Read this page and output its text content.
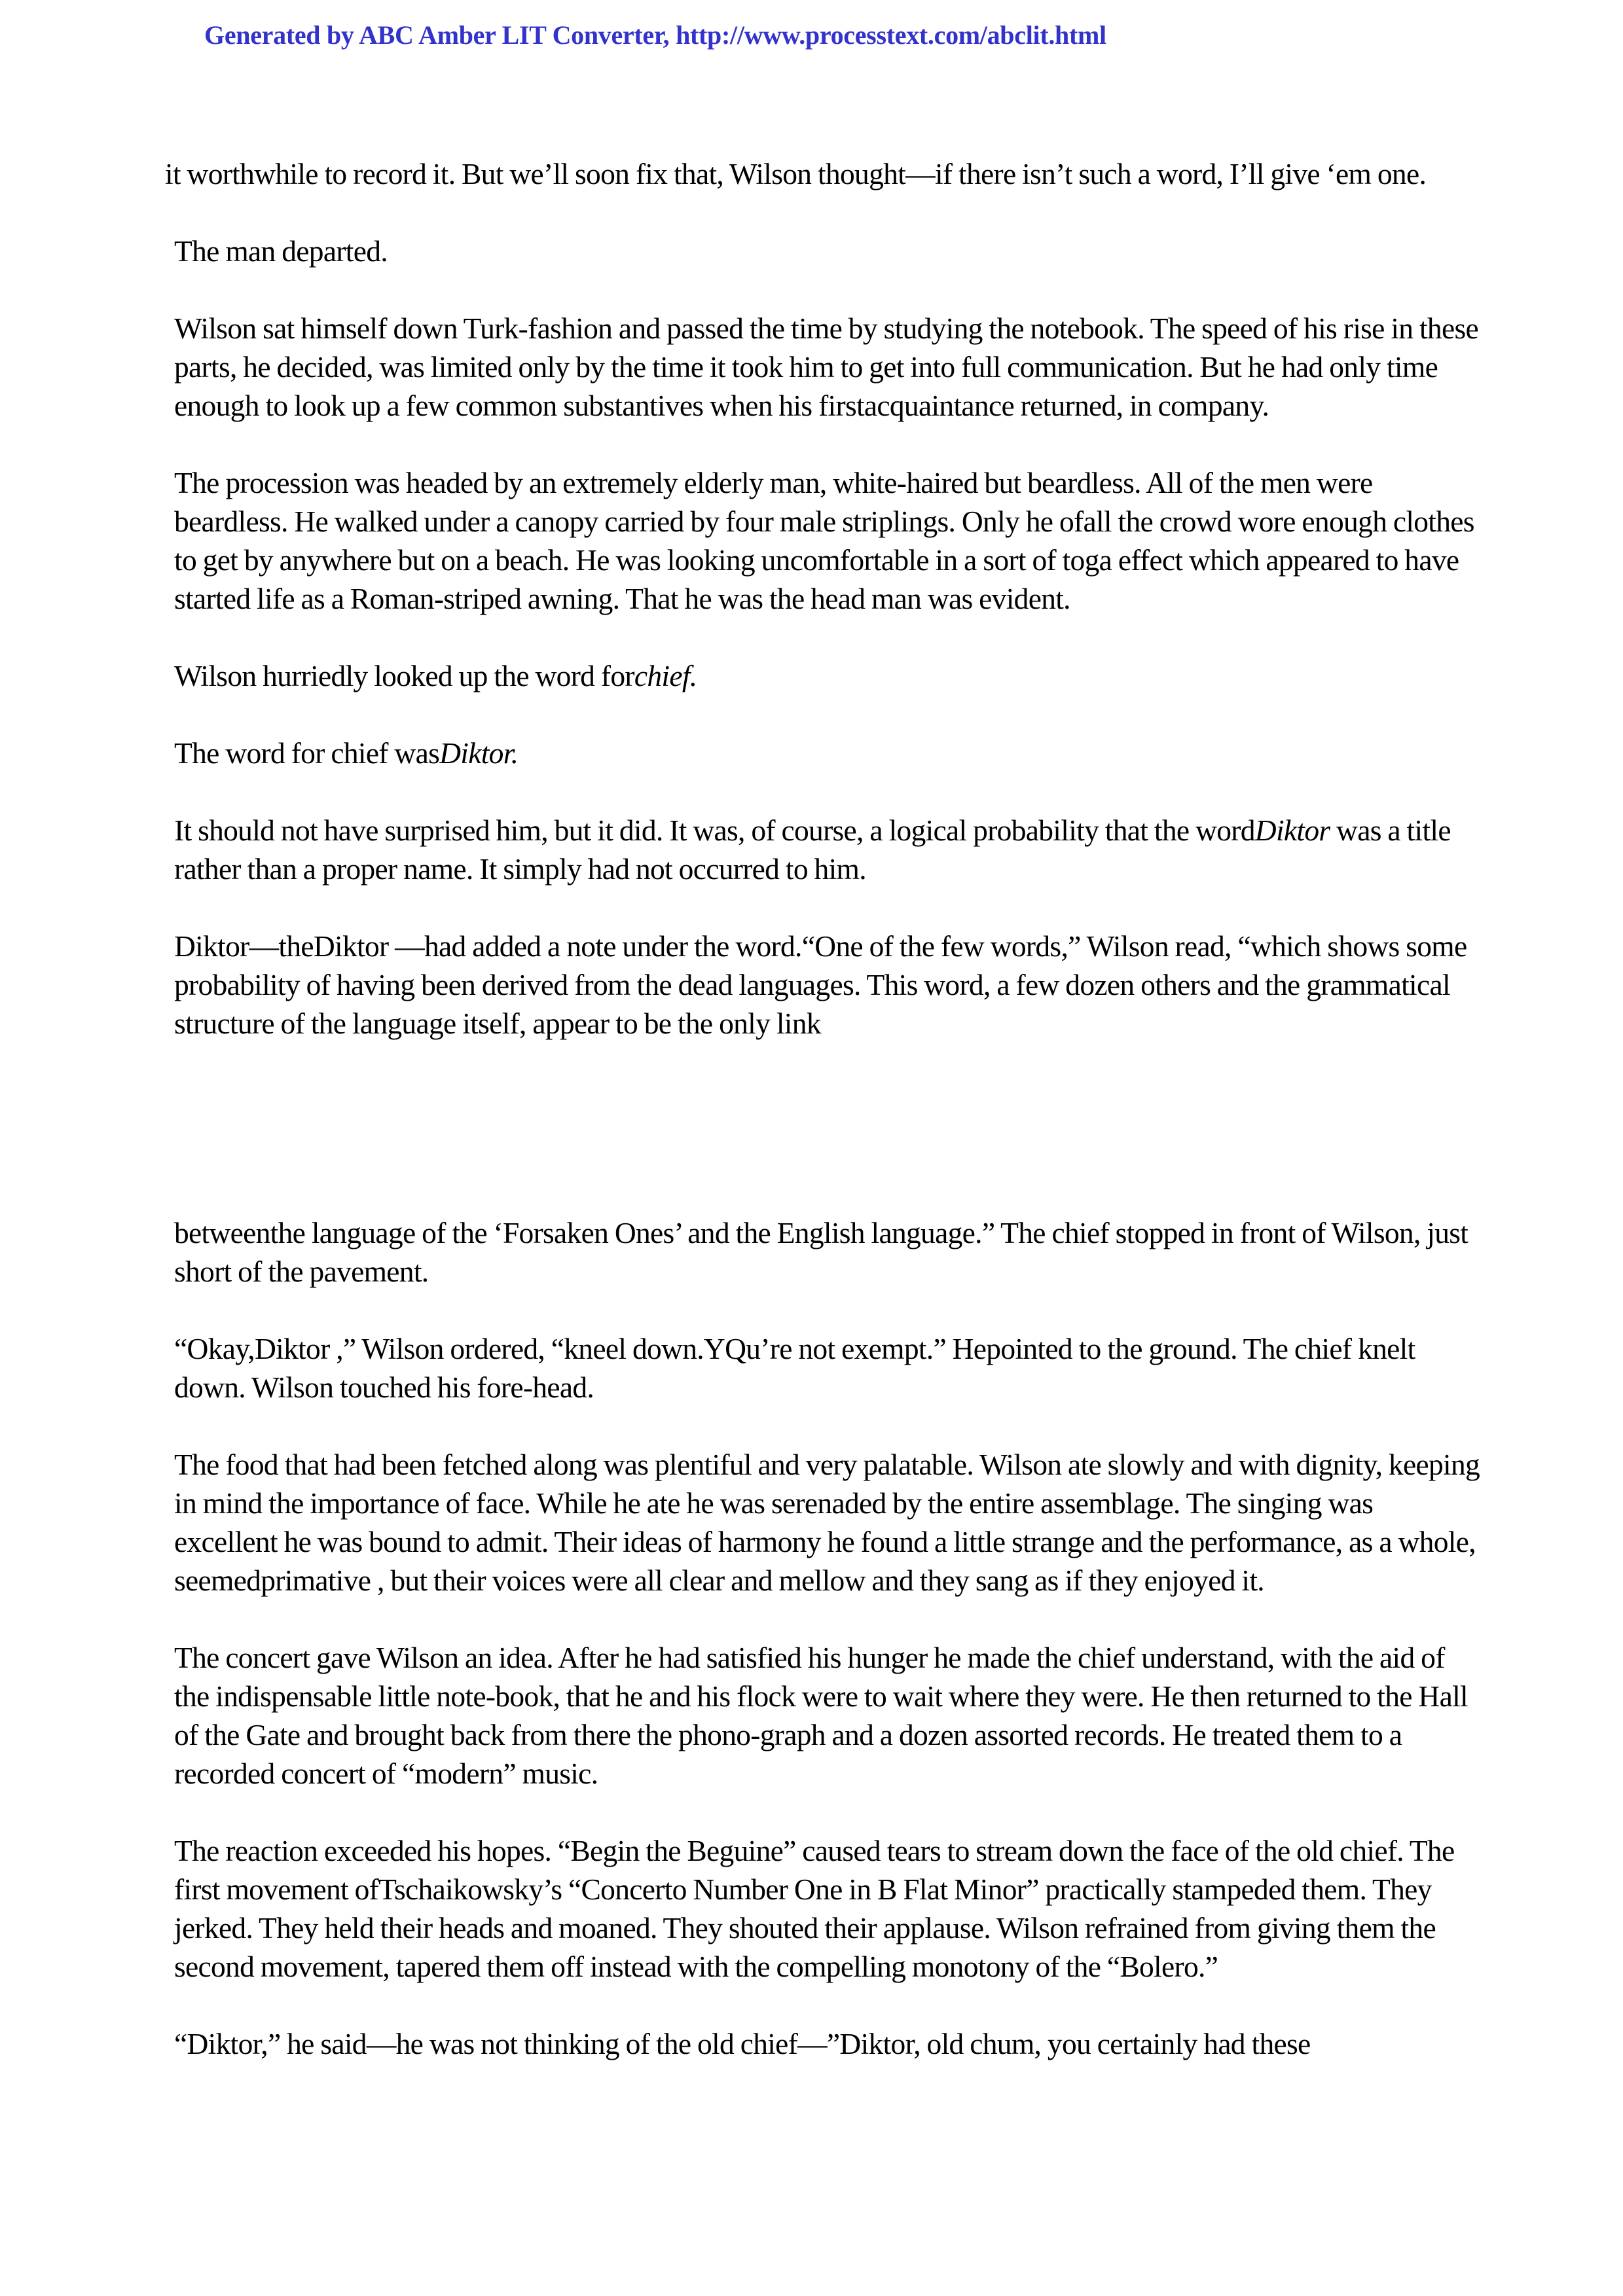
Generated by ABC Amber LIT Converter, http://www.processtext.com/abclit.html

it worthwhile to record it. But we’ll soon fix that, Wilson thought—if there isn’t such a word, I’ll give ‘em one.

The man departed.

Wilson sat himself down Turk-fashion and passed the time by studying the notebook. The speed of his rise in these parts, he decided, was limited only by the time it took him to get into full communication. But he had only time enough to look up a few common substantives when his firstacquaintance returned, in company.

The procession was headed by an extremely elderly man, white-haired but beardless. All of the men were beardless. He walked under a canopy carried by four male striplings. Only he ofall the crowd wore enough clothes to get by anywhere but on a beach. He was looking uncomfortable in a sort of toga effect which appeared to have started life as a Roman-striped awning. That he was the head man was evident.

Wilson hurriedly looked up the word forchief.

The word for chief wasDiktor.

It should not have surprised him, but it did. It was, of course, a logical probability that the wordDiktor was a title rather than a proper name. It simply had not occurred to him.

Diktor—theDiktor —had added a note under the word.“One of the few words,” Wilson read, “which shows some probability of having been derived from the dead languages. This word, a few dozen others and the grammatical structure of the language itself, appear to be the only link

betweenthe language of the ‘Forsaken Ones’ and the English language.” The chief stopped in front of Wilson, just short of the pavement.

“Okay,Diktor ,” Wilson ordered, “kneel down.YQu’re not exempt.” Hepointed to the ground. The chief knelt down. Wilson touched his fore-head.

The food that had been fetched along was plentiful and very palatable. Wilson ate slowly and with dignity, keeping in mind the importance of face. While he ate he was serenaded by the entire assemblage. The singing was excellent he was bound to admit. Their ideas of harmony he found a little strange and the performance, as a whole, seemedprimative , but their voices were all clear and mellow and they sang as if they enjoyed it.

The concert gave Wilson an idea. After he had satisfied his hunger he made the chief understand, with the aid of the indispensable little note-book, that he and his flock were to wait where they were. He then returned to the Hall of the Gate and brought back from there the phono-graph and a dozen assorted records. He treated them to a recorded concert of “modern” music.

The reaction exceeded his hopes. “Begin the Beguine” caused tears to stream down the face of the old chief. The first movement ofTschaikowsky’s “Concerto Number One in B Flat Minor” practically stampeded them. They jerked. They held their heads and moaned. They shouted their applause. Wilson refrained from giving them the second movement, tapered them off instead with the compelling monotony of the “Bolero.”

“Diktor,” he said—he was not thinking of the old chief—”Diktor, old chum, you certainly had these
